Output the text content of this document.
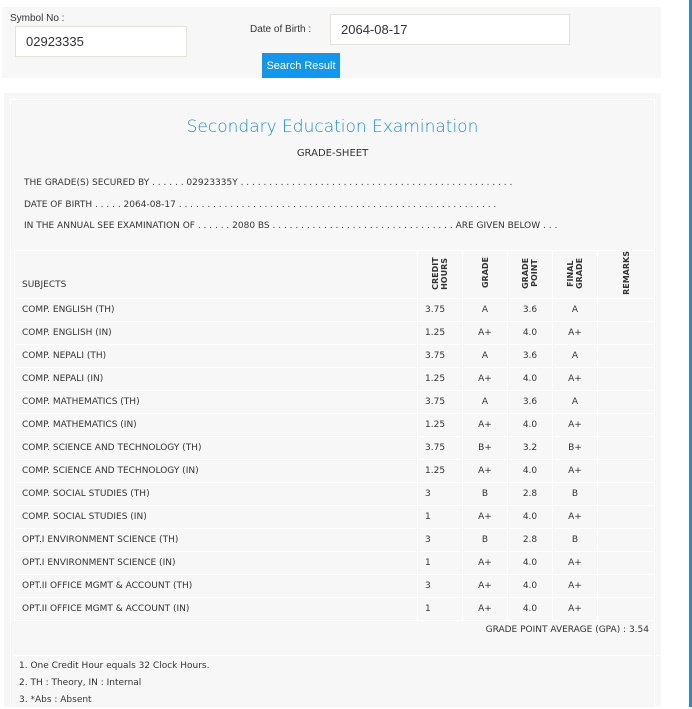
Symbol No :
02923335
Date of Birth :	2064-08-17
Search Result
Secondary Education Examination
GRADE-SHEET
THE GRADE(S) SECURED BY . . . . . . 02923335Y . . . . . . . . . . . . . . . . . . . . . . . . . . . . . . . . . . . . . . . . . . . . . . . .
DATE OF BIRTH . . . . . 2064-08-17 . . . . . . . . . . . . . . . . . . . . . . . . . . . . . . . . . . . . . . . . . . . . . . . . . . . . . . . .
IN THE ANNUAL SEE EXAMINATION OF . . . . . . 2080 BS . . . . . . . . . . . . . . . . . . . . . . . . . . . . . . . . ARE GIVEN BELOW . . .
GRADE POINT AVERAGE (GPA) : 3.54
1. One Credit Hour equals 32 Clock Hours.
2. TH : Theory, IN : Internal
3. *Abs : Absent
SUBJECTS	CREDIT HOURS	GRADE	GRADE POINT	FINAL GRADE	REMARKS
COMP. ENGLISH (TH)	3.75	A	3.6	A	
COMP. ENGLISH (IN)	1.25	A+	4.0	A+	
COMP. NEPALI (TH)	3.75	A	3.6	A	
COMP. NEPALI (IN)	1.25	A+	4.0	A+	
COMP. MATHEMATICS (TH)	3.75	A	3.6	A	
COMP. MATHEMATICS (IN)	1.25	A+	4.0	A+	
COMP. SCIENCE AND TECHNOLOGY (TH)	3.75	B+	3.2	B+	
COMP. SCIENCE AND TECHNOLOGY (IN)	1.25	A+	4.0	A+	
COMP. SOCIAL STUDIES (TH)	3	B	2.8	B	
COMP. SOCIAL STUDIES (IN)	1	A+	4.0	A+	
OPT.I ENVIRONMENT SCIENCE (TH)	3	B	2.8	B	
OPT.I ENVIRONMENT SCIENCE (IN)	1	A+	4.0	A+	
OPT.II OFFICE MGMT & ACCOUNT (TH)	3	A+	4.0	A+	
OPT.II OFFICE MGMT & ACCOUNT (IN)	1	A+	4.0	A+	
